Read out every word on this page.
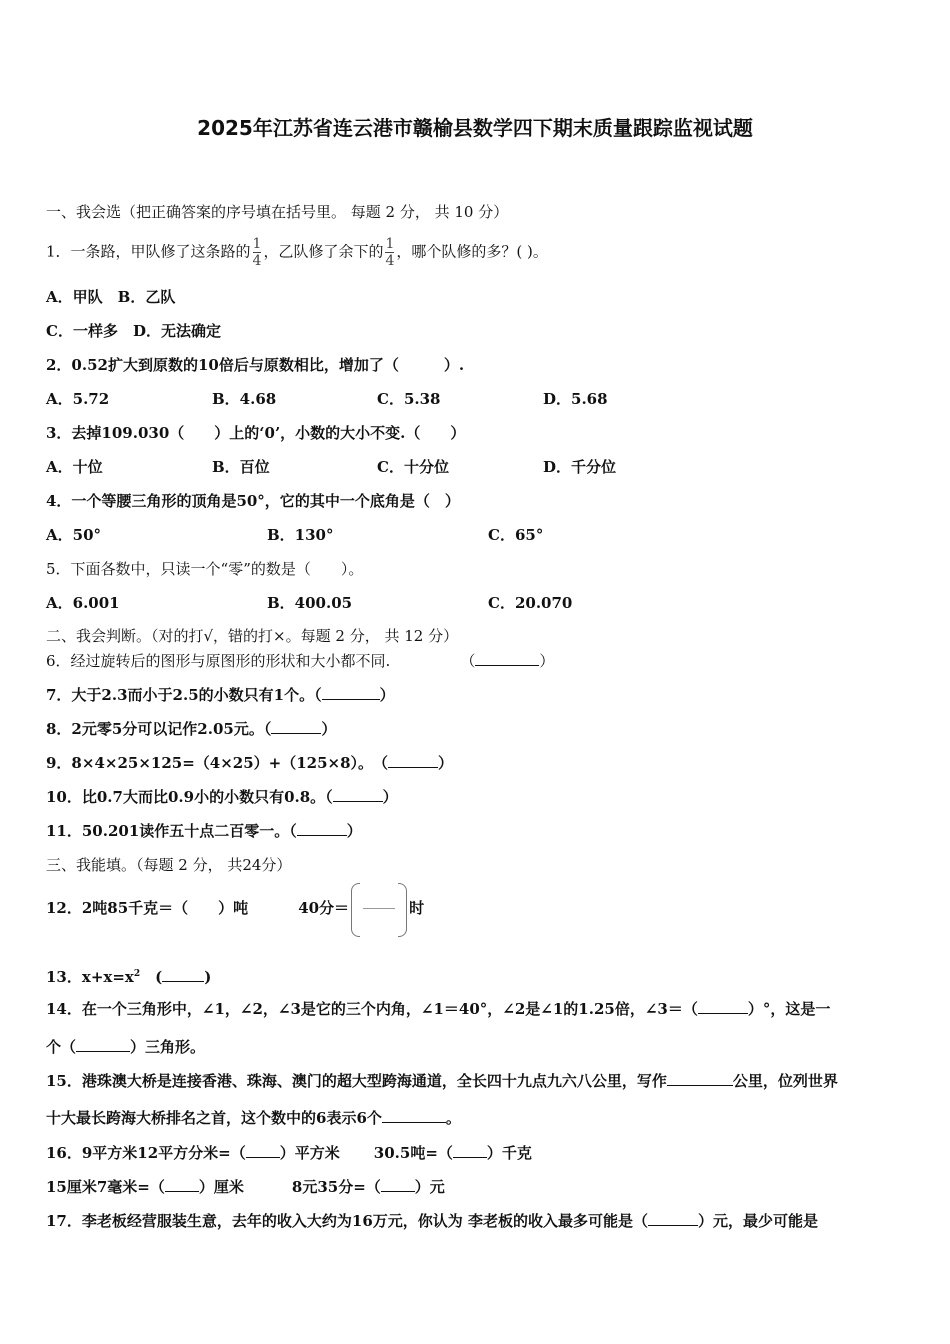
2025年江苏省连云港市赣榆县数学四下期末质量跟踪监视试题
一、我会选（把正确答案的序号填在括号里。 每题 2 分， 共 10 分）
1．一条路，甲队修了这条路的 $\frac{1}{4}$ ，乙队修了余下的 $\frac{1}{4}$ ，哪个队修的多？( )。
A．甲队　B．乙队
C．一样多　D．无法确定
2．0.52扩大到原数的10倍后与原数相比，增加了（　　　）.
A．5.72	B．4.68	C．5.38	D．5.68
3．去掉109.030（　　）上的‘0’，小数的大小不变.（　　）
A．十位	B．百位	C．十分位	D．千分位
4．一个等腰三角形的顶角是50°，它的其中一个底角是（　）
A．50°	B．130°	C．65°
5．下面各数中，只读一个“零”的数是（　　）。
A．6.001	B．400.05	C．20.070
二、我会判断。（对的打√，错的打×。每题 2 分， 共 12 分）
6．经过旋转后的图形与原图形的形状和大小都不同.	（	）
7．大于2.3而小于2.5的小数只有1个。（	）
8．2元零5分可以记作2.05元。（	）
9．8×4×25×125=（4×25）+（125×8）。　（	）
10．比0.7大而比0.9小的小数只有0.8。（	）
11．50.201读作五十点二百零一。（	）
三、我能填。（每题 2 分， 共24分）
12．2吨85千克＝（　　）吨	40分＝	时
13．$x+x=x^2$　(	)
14．在一个三角形中，∠1，∠2，∠3是它的三个内角，∠1＝40°，∠2是∠1的1.25倍，∠3＝（	）°，这是一
个（	）三角形。
15．港珠澳大桥是连接香港、珠海、澳门的超大型跨海通道，全长四十九点九六八公里，写作	公里，位列世界
十大最长跨海大桥排名之首，这个数中的6表示6个	。
16．9平方米12平方分米=（ ）平方米 30.5吨=（ ）千克
15厘米7毫米=（ ）厘米	8元35分=（ ）元
17．李老板经营服装生意，去年的收入大约为16万元，你认为 李老板的收入最多可能是（	）元，最少可能是
